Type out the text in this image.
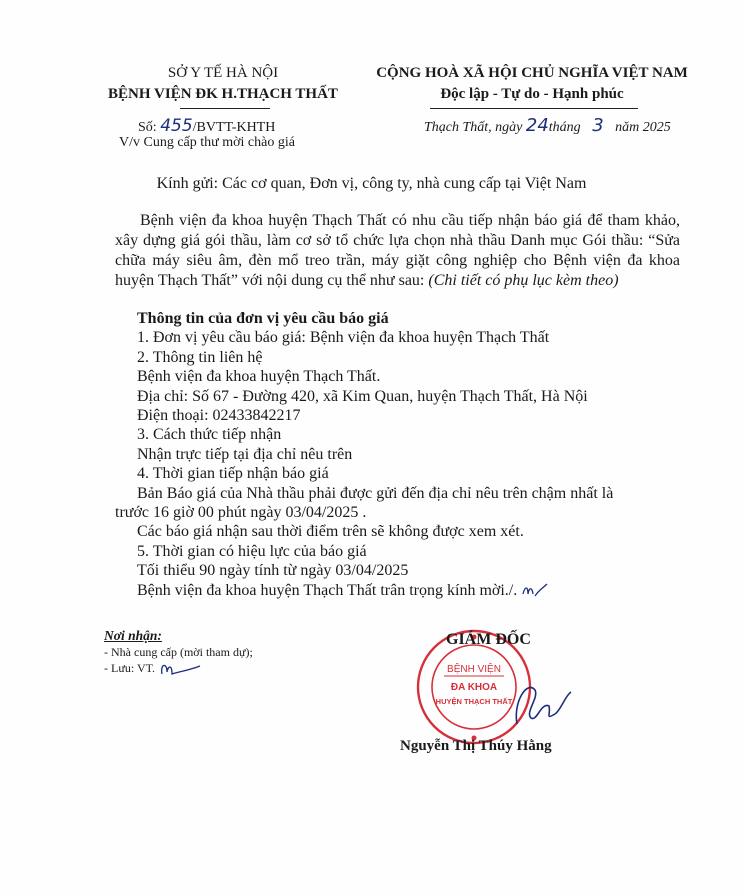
SỞ Y TẾ HÀ NỘI
BỆNH VIỆN ĐK H.THẠCH THẤT
CỘNG HOÀ XÃ HỘI CHỦ NGHĨA VIỆT NAM
Độc lập - Tự do - Hạnh phúc
Số: 455/BVTT-KHTH
V/v Cung cấp thư mời chào giá
Thạch Thất, ngày 24tháng 3 năm 2025
Kính gửi: Các cơ quan, Đơn vị, công ty, nhà cung cấp tại Việt Nam
Bệnh viện đa khoa huyện Thạch Thất có nhu cầu tiếp nhận báo giá để tham khảo, xây dựng giá gói thầu, làm cơ sở tổ chức lựa chọn nhà thầu Danh mục Gói thầu: “Sửa chữa máy siêu âm, đèn mổ treo trần, máy giặt công nghiệp cho Bệnh viện đa khoa huyện Thạch Thất” với nội dung cụ thể như sau: (Chi tiết có phụ lục kèm theo)
Thông tin của đơn vị yêu cầu báo giá
1. Đơn vị yêu cầu báo giá: Bệnh viện đa khoa huyện Thạch Thất
2. Thông tin liên hệ
Bệnh viện đa khoa huyện Thạch Thất.
Địa chỉ: Số 67 - Đường 420, xã Kim Quan, huyện Thạch Thất, Hà Nội
Điện thoại: 02433842217
3. Cách thức tiếp nhận
Nhận trực tiếp tại địa chỉ nêu trên
4. Thời gian tiếp nhận báo giá
Bản Báo giá của Nhà thầu phải được gửi đến địa chỉ nêu trên chậm nhất là
trước 16 giờ 00 phút ngày 03/04/2025 .
Các báo giá nhận sau thời điểm trên sẽ không được xem xét.
5. Thời gian có hiệu lực của báo giá
Tối thiểu 90 ngày tính từ ngày 03/04/2025
Bệnh viện đa khoa huyện Thạch Thất trân trọng kính mời./.
Nơi nhận:
- Nhà cung cấp (mời tham dự);
- Lưu: VT.	BỆNH VIỆN
ĐA KHOA
HUYỆN THẠCH THẤT
GIÁM ĐỐC
Nguyễn Thị Thúy Hằng
